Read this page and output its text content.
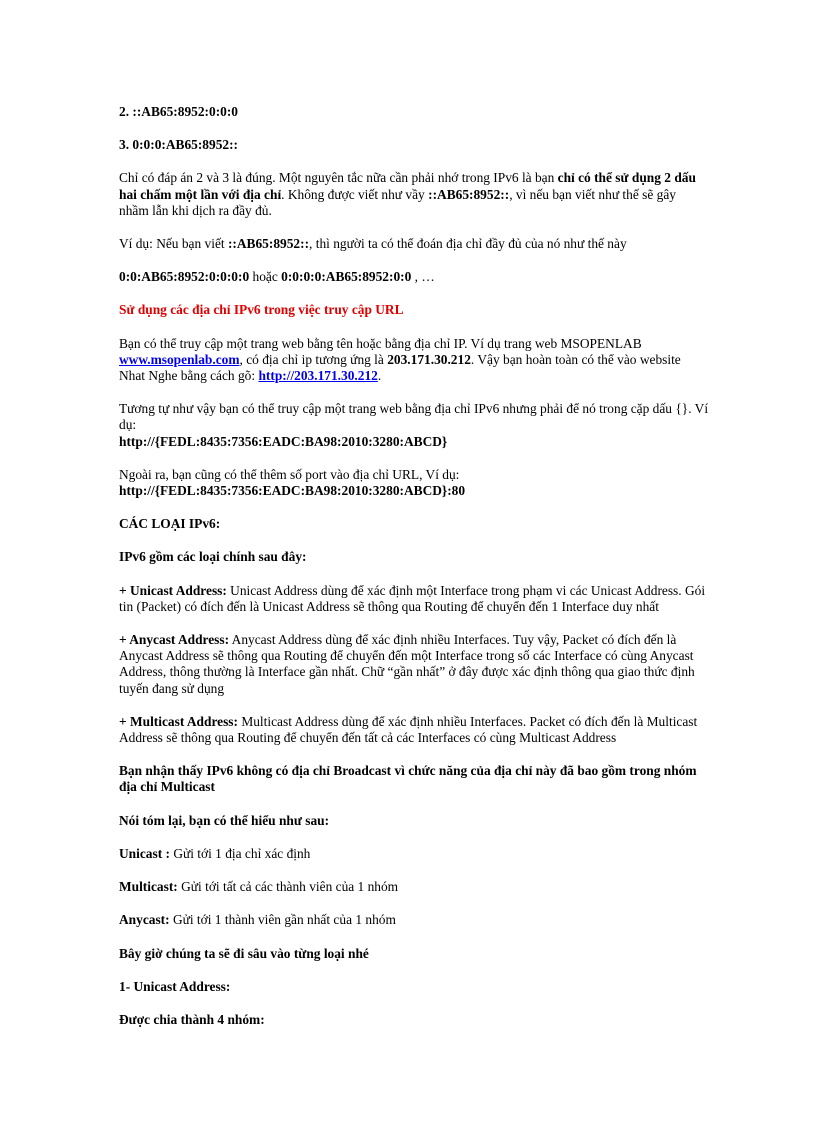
2. ::AB65:8952:0:0:0

3. 0:0:0:AB65:8952::

Chỉ có đáp án 2 và 3 là đúng. Một nguyên tắc nữa cần phải nhớ trong IPv6 là bạn chỉ có thể sử dụng 2 dấu hai chấm một lần với địa chỉ. Không được viết như vầy ::AB65:8952::, vì nếu bạn viết như thế sẽ gây nhầm lẫn khi dịch ra đầy đủ.

Ví dụ: Nếu bạn viết ::AB65:8952::, thì người ta có thể đoán địa chỉ đầy đủ của nó như thế này

0:0:AB65:8952:0:0:0:0 hoặc 0:0:0:0:AB65:8952:0:0 , …

Sử dụng các địa chỉ IPv6 trong việc truy cập URL

Bạn có thể truy cập một trang web bằng tên hoặc bằng địa chỉ IP. Ví dụ trang web MSOPENLAB www.msopenlab.com, có địa chỉ ip tương ứng là 203.171.30.212. Vậy bạn hoàn toàn có thể vào website Nhat Nghe bằng cách gõ: http://203.171.30.212.

Tương tự như vậy bạn có thể truy cập một trang web bằng địa chỉ IPv6 nhưng phải để nó trong cặp dấu {}. Ví dụ:
http://{FEDL:8435:7356:EADC:BA98:2010:3280:ABCD}

Ngoài ra, bạn cũng có thể thêm số port vào địa chỉ URL, Ví dụ:
http://{FEDL:8435:7356:EADC:BA98:2010:3280:ABCD}:80

CÁC LOẠI IPv6:

IPv6 gồm các loại chính sau đây:

+ Unicast Address: Unicast Address dùng để xác định một Interface trong phạm vi các Unicast Address. Gói tin (Packet) có đích đến là Unicast Address sẽ thông qua Routing để chuyển đến 1 Interface duy nhất

+ Anycast Address: Anycast Address dùng để xác định nhiều Interfaces. Tuy vậy, Packet có đích đến là Anycast Address sẽ thông qua Routing để chuyển đến một Interface trong số các Interface có cùng Anycast Address, thông thường là Interface gần nhất. Chữ “gần nhất” ở đây được xác định thông qua giao thức định tuyến đang sử dụng

+ Multicast Address: Multicast Address dùng để xác định nhiều Interfaces. Packet có đích đến là Multicast Address sẽ thông qua Routing để chuyển đến tất cả các Interfaces có cùng Multicast Address

Bạn nhận thấy IPv6 không có địa chỉ Broadcast vì chức năng của địa chỉ này đã bao gồm trong nhóm địa chỉ Multicast

Nói tóm lại, bạn có thể hiểu như sau:

Unicast : Gửi tới 1 địa chỉ xác định

Multicast: Gửi tới tất cả các thành viên của 1 nhóm

Anycast: Gửi tới 1 thành viên gần nhất của 1 nhóm

Bây giờ chúng ta sẽ đi sâu vào từng loại nhé

1- Unicast Address:

Được chia thành 4 nhóm:
